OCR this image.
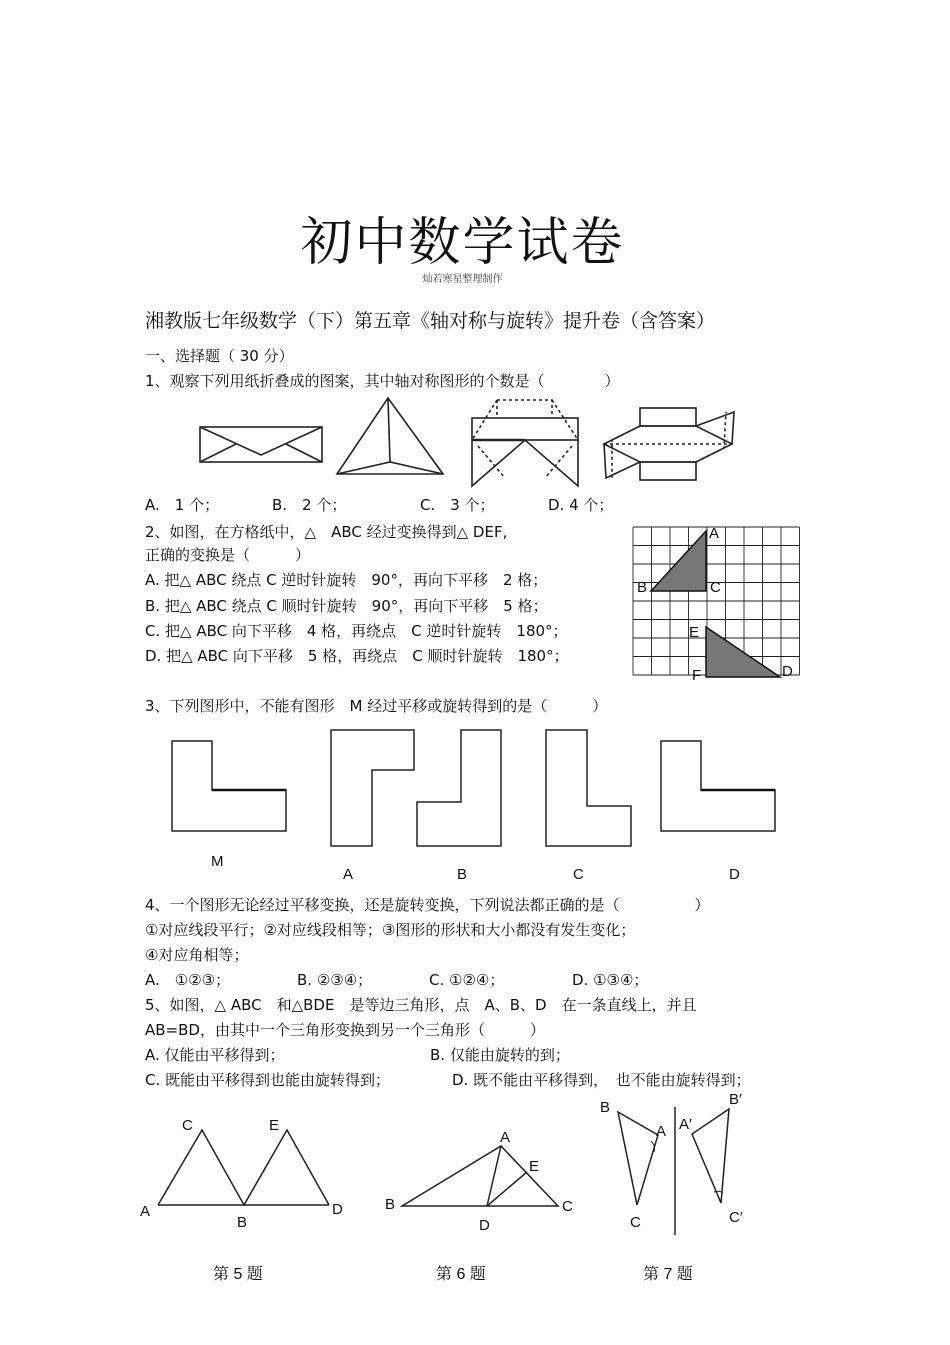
初中数学试卷
灿若寒星整理制作
湘教版七年级数学（下）第五章《轴对称与旋转》提升卷（含答案）
一、选择题（ 30 分）
1、观察下列用纸折叠成的图案，其中轴对称图形的个数是（　　　　）
A.　1 个；	B.　2 个；	C.　3 个；	D. 4 个；
2、如图，在方格纸中，△　ABC 经过变换得到△ DEF,
正确的变换是（　　　）
A. 把△ ABC 绕点 C 逆时针旋转　90°，再向下平移　2 格；
B. 把△ ABC 绕点 C 顺时针旋转　90°，再向下平移　5 格；
C. 把△ ABC 向下平移　4 格，再绕点　C 逆时针旋转　180°；
D. 把△ ABC 向下平移　5 格，再绕点　C 顺时针旋转　180°；
A
B	C
E
F	D
3、下列图形中，不能有图形　M 经过平移或旋转得到的是（　　　）
M
A	B	C	D
4、一个图形无论经过平移变换，还是旋转变换，下列说法都正确的是（　　　　　）
①对应线段平行；②对应线段相等；③图形的形状和大小都没有发生变化；
④对应角相等；
A.　①②③；	B. ②③④；	C. ①②④；	D. ①③④；
5、如图，△ ABC　和△BDE　是等边三角形，点　A、B、D　在一条直线上，并且
AB=BD，由其中一个三角形变换到另一个三角形（　　　）
A. 仅能由平移得到；	B. 仅能由旋转的到；
C. 既能由平移得到也能由旋转得到；	D. 既不能由平移得到，　也不能由旋转得到；
A
B
C
D
E
第 5 题
B
A
E
C
D
第 6 题
B
A
C
A′
B′
C′
第 7 题
